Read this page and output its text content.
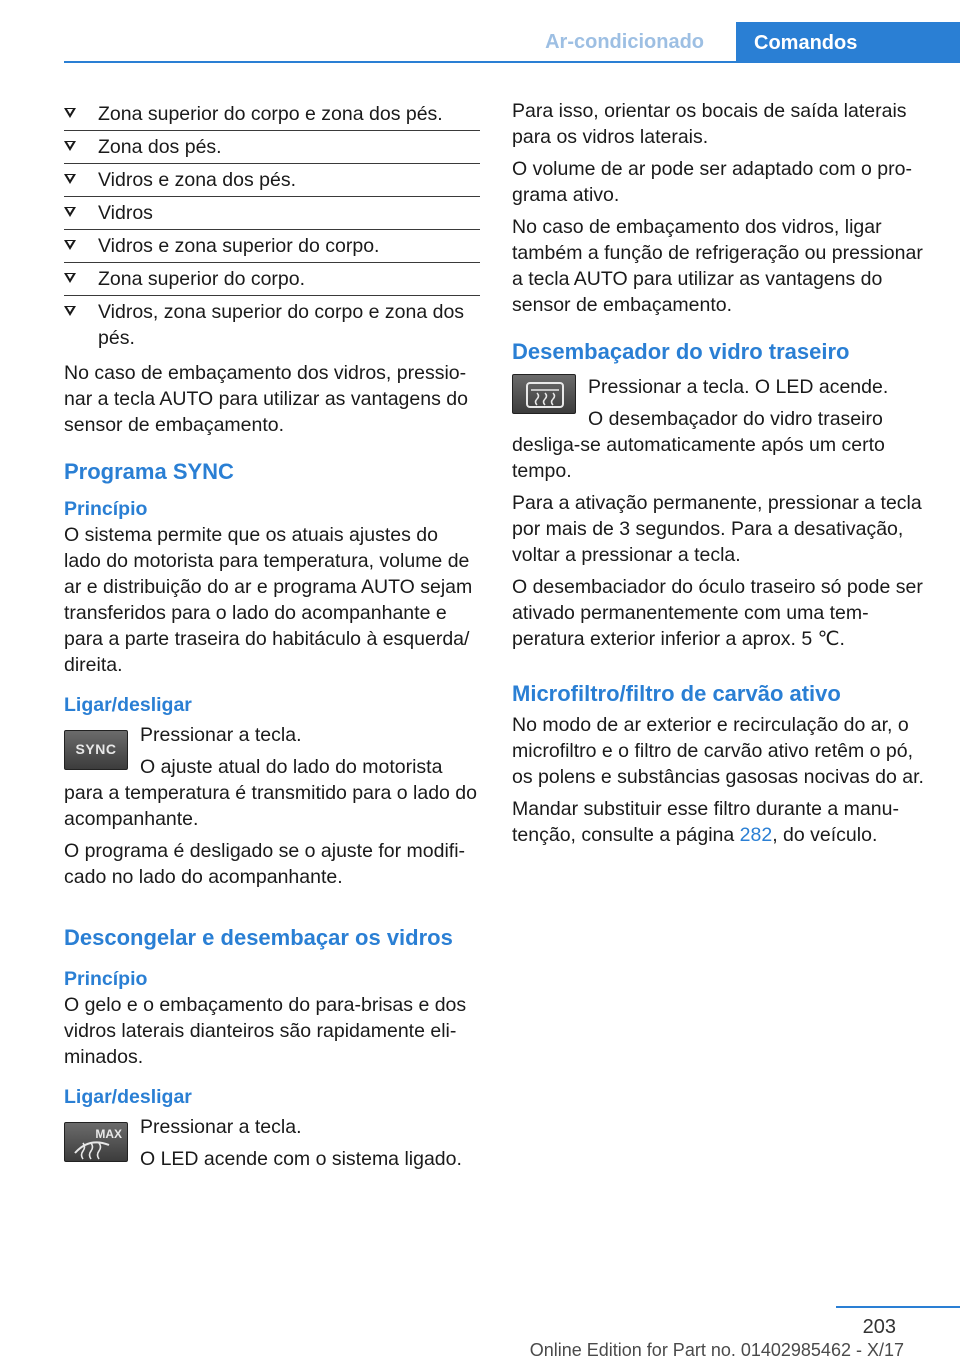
Ar-condicionado	Comandos
Zona superior do corpo e zona dos pés.
Zona dos pés.
Vidros e zona dos pés.
Vidros
Vidros e zona superior do corpo.
Zona superior do corpo.
Vidros, zona superior do corpo e zona dos pés.

No caso de embaçamento dos vidros, pressionar a tecla AUTO para utilizar as vantagens do sensor de embaçamento.

Programa SYNC
Princípio

O sistema permite que os atuais ajustes do lado do motorista para temperatura, volume de ar e distribuição do ar e programa AUTO sejam transferidos para o lado do acompanhante e para a parte traseira do habitáculo à esquerda/ direita.

Ligar/desligar
SYNC

Pressionar a tecla.

O ajuste atual do lado do motorista para a temperatura é transmitido para o lado do acompanhante.

O programa é desligado se o ajuste for modificado no lado do acompanhante.

Descongelar e desembaçar os vidros
Princípio

O gelo e o embaçamento do para-brisas e dos vidros laterais dianteiros são rapidamente eliminados.

Ligar/desligar
MAX Pressionar a tecla.

O LED acende com o sistema ligado.

Para isso, orientar os bocais de saída laterais para os vidros laterais.

O volume de ar pode ser adaptado com o programa ativo.

No caso de embaçamento dos vidros, ligar também a função de refrigeração ou pressionar a tecla AUTO para utilizar as vantagens do sensor de embaçamento.

Desembaçador do vidro traseiro

Pressionar a tecla. O LED acende.

O desembaçador do vidro traseiro desliga-se automaticamente após um certo tempo.

Para a ativação permanente, pressionar a tecla por mais de 3 segundos. Para a desativação, voltar a pressionar a tecla.

O desembaciador do óculo traseiro só pode ser ativado permanentemente com uma temperatura exterior inferior a aprox. 5 ℃.

Microfiltro/filtro de carvão ativo

No modo de ar exterior e recirculação do ar, o microfiltro e o filtro de carvão ativo retêm o pó, os polens e substâncias gasosas nocivas do ar.

Mandar substituir esse filtro durante a manutenção, consulte a página 282, do veículo.

203
Online Edition for Part no. 01402985462 - X/17
